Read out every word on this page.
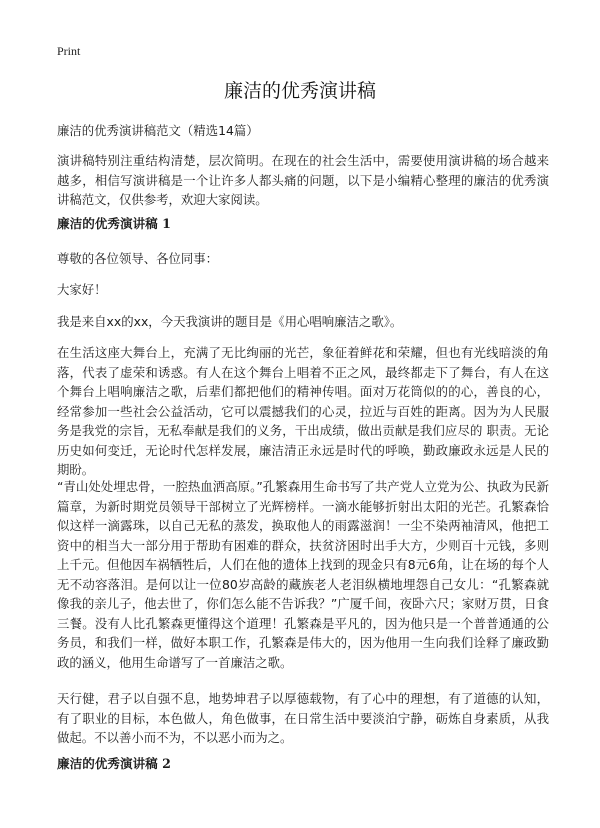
Print
廉洁的优秀演讲稿

廉洁的优秀演讲稿范文（精选14篇）

演讲稿特别注重结构清楚，层次简明。在现在的社会生活中，需要使用演讲稿的场合越来越多，相信写演讲稿是一个让许多人都头痛的问题，以下是小编精心整理的廉洁的优秀演讲稿范文，仅供参考，欢迎大家阅读。

廉洁的优秀演讲稿 1

尊敬的各位领导、各位同事：

大家好！

我是来自xx的xx，今天我演讲的题目是《用心唱响廉洁之歌》。

在生活这座大舞台上，充满了无比绚丽的光芒，象征着鲜花和荣耀，但也有光线暗淡的角落，代表了虚荣和诱惑。有人在这个舞台上唱着不正之风，最终都走下了舞台，有人在这个舞台上唱响廉洁之歌，后辈们都把他们的精神传唱。面对万花筒似的的心，善良的心，经常参加一些社会公益活动，它可以震撼我们的心灵，拉近与百姓的距离。因为为人民服务是我党的宗旨，无私奉献是我们的义务，干出成绩，做出贡献是我们应尽的 职责。无论历史如何变迁，无论时代怎样发展，廉洁清正永远是时代的呼唤，勤政廉政永远是人民的期盼。

“青山处处埋忠骨，一腔热血洒高原。”孔繁森用生命书写了共产党人立党为公、执政为民新篇章，为新时期党员领导干部树立了光辉榜样。一滴水能够折射出太阳的光芒。孔繁森恰似这样一滴露珠，以自己无私的蒸发，换取他人的雨露滋润！一尘不染两袖清风，他把工资中的相当大一部分用于帮助有困难的群众，扶贫济困时出手大方，少则百十元钱，多则上千元。但他因车祸牺牲后，人们在他的遗体上找到的现金只有8元6角，让在场的每个人无不动容落泪。是何以让一位80岁高龄的藏族老人老泪纵横地埋怨自己女儿：“孔繁森就像我的亲儿子，他去世了，你们怎么能不告诉我？”广厦千间，夜卧六尺；家财万贯，日食三餐。没有人比孔繁森更懂得这个道理！孔繁森是平凡的，因为他只是一个普普通通的公务员，和我们一样，做好本职工作，孔繁森是伟大的，因为他用一生向我们诠释了廉政勤政的涵义，他用生命谱写了一首廉洁之歌。

天行健，君子以自强不息，地势坤君子以厚德载物，有了心中的理想，有了道德的认知，有了职业的目标，本色做人，角色做事，在日常生活中要淡泊宁静，砺炼自身素质，从我做起。不以善小而不为，不以恶小而为之。

廉洁的优秀演讲稿 2
